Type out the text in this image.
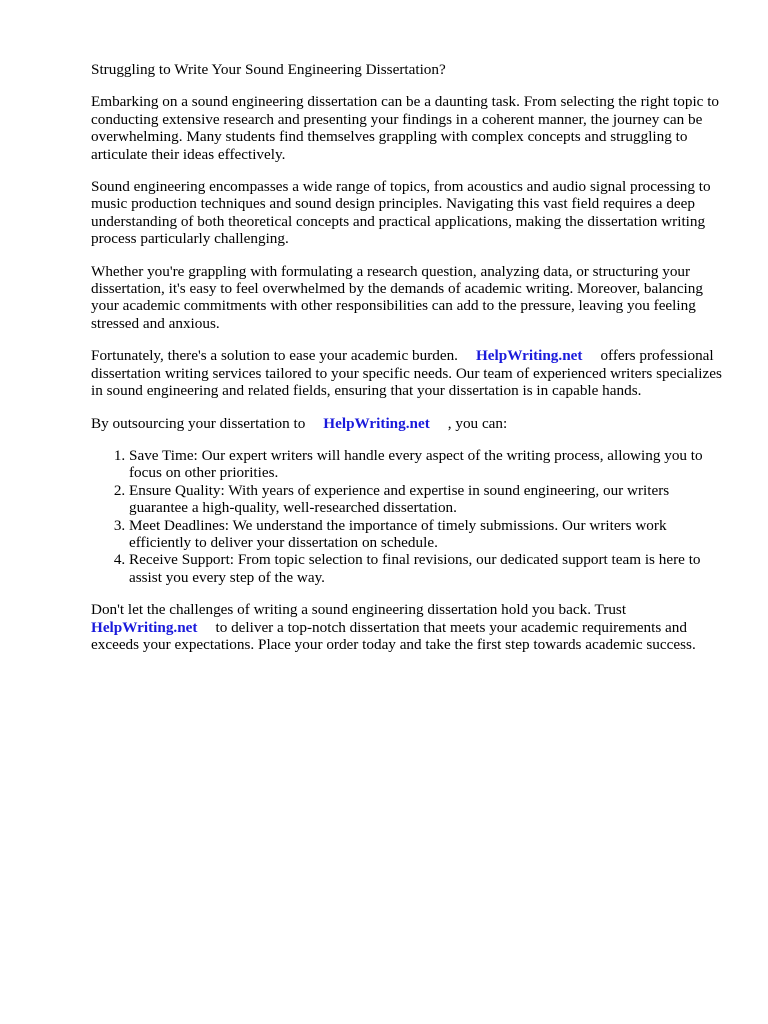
Struggling to Write Your Sound Engineering Dissertation?

Embarking on a sound engineering dissertation can be a daunting task. From selecting the right topic to conducting extensive research and presenting your findings in a coherent manner, the journey can be overwhelming. Many students find themselves grappling with complex concepts and struggling to articulate their ideas effectively.

Sound engineering encompasses a wide range of topics, from acoustics and audio signal processing to music production techniques and sound design principles. Navigating this vast field requires a deep understanding of both theoretical concepts and practical applications, making the dissertation writing process particularly challenging.

Whether you're grappling with formulating a research question, analyzing data, or structuring your dissertation, it's easy to feel overwhelmed by the demands of academic writing. Moreover, balancing your academic commitments with other responsibilities can add to the pressure, leaving you feeling stressed and anxious.

Fortunately, there's a solution to ease your academic burden. HelpWriting.net offers professional dissertation writing services tailored to your specific needs. Our team of experienced writers specializes in sound engineering and related fields, ensuring that your dissertation is in capable hands.

By outsourcing your dissertation to HelpWriting.net , you can:

1. Save Time: Our expert writers will handle every aspect of the writing process, allowing you to focus on other priorities.
2. Ensure Quality: With years of experience and expertise in sound engineering, our writers guarantee a high-quality, well-researched dissertation.
3. Meet Deadlines: We understand the importance of timely submissions. Our writers work efficiently to deliver your dissertation on schedule.
4. Receive Support: From topic selection to final revisions, our dedicated support team is here to assist you every step of the way.

Don't let the challenges of writing a sound engineering dissertation hold you back. Trust HelpWriting.net to deliver a top-notch dissertation that meets your academic requirements and exceeds your expectations. Place your order today and take the first step towards academic success.
